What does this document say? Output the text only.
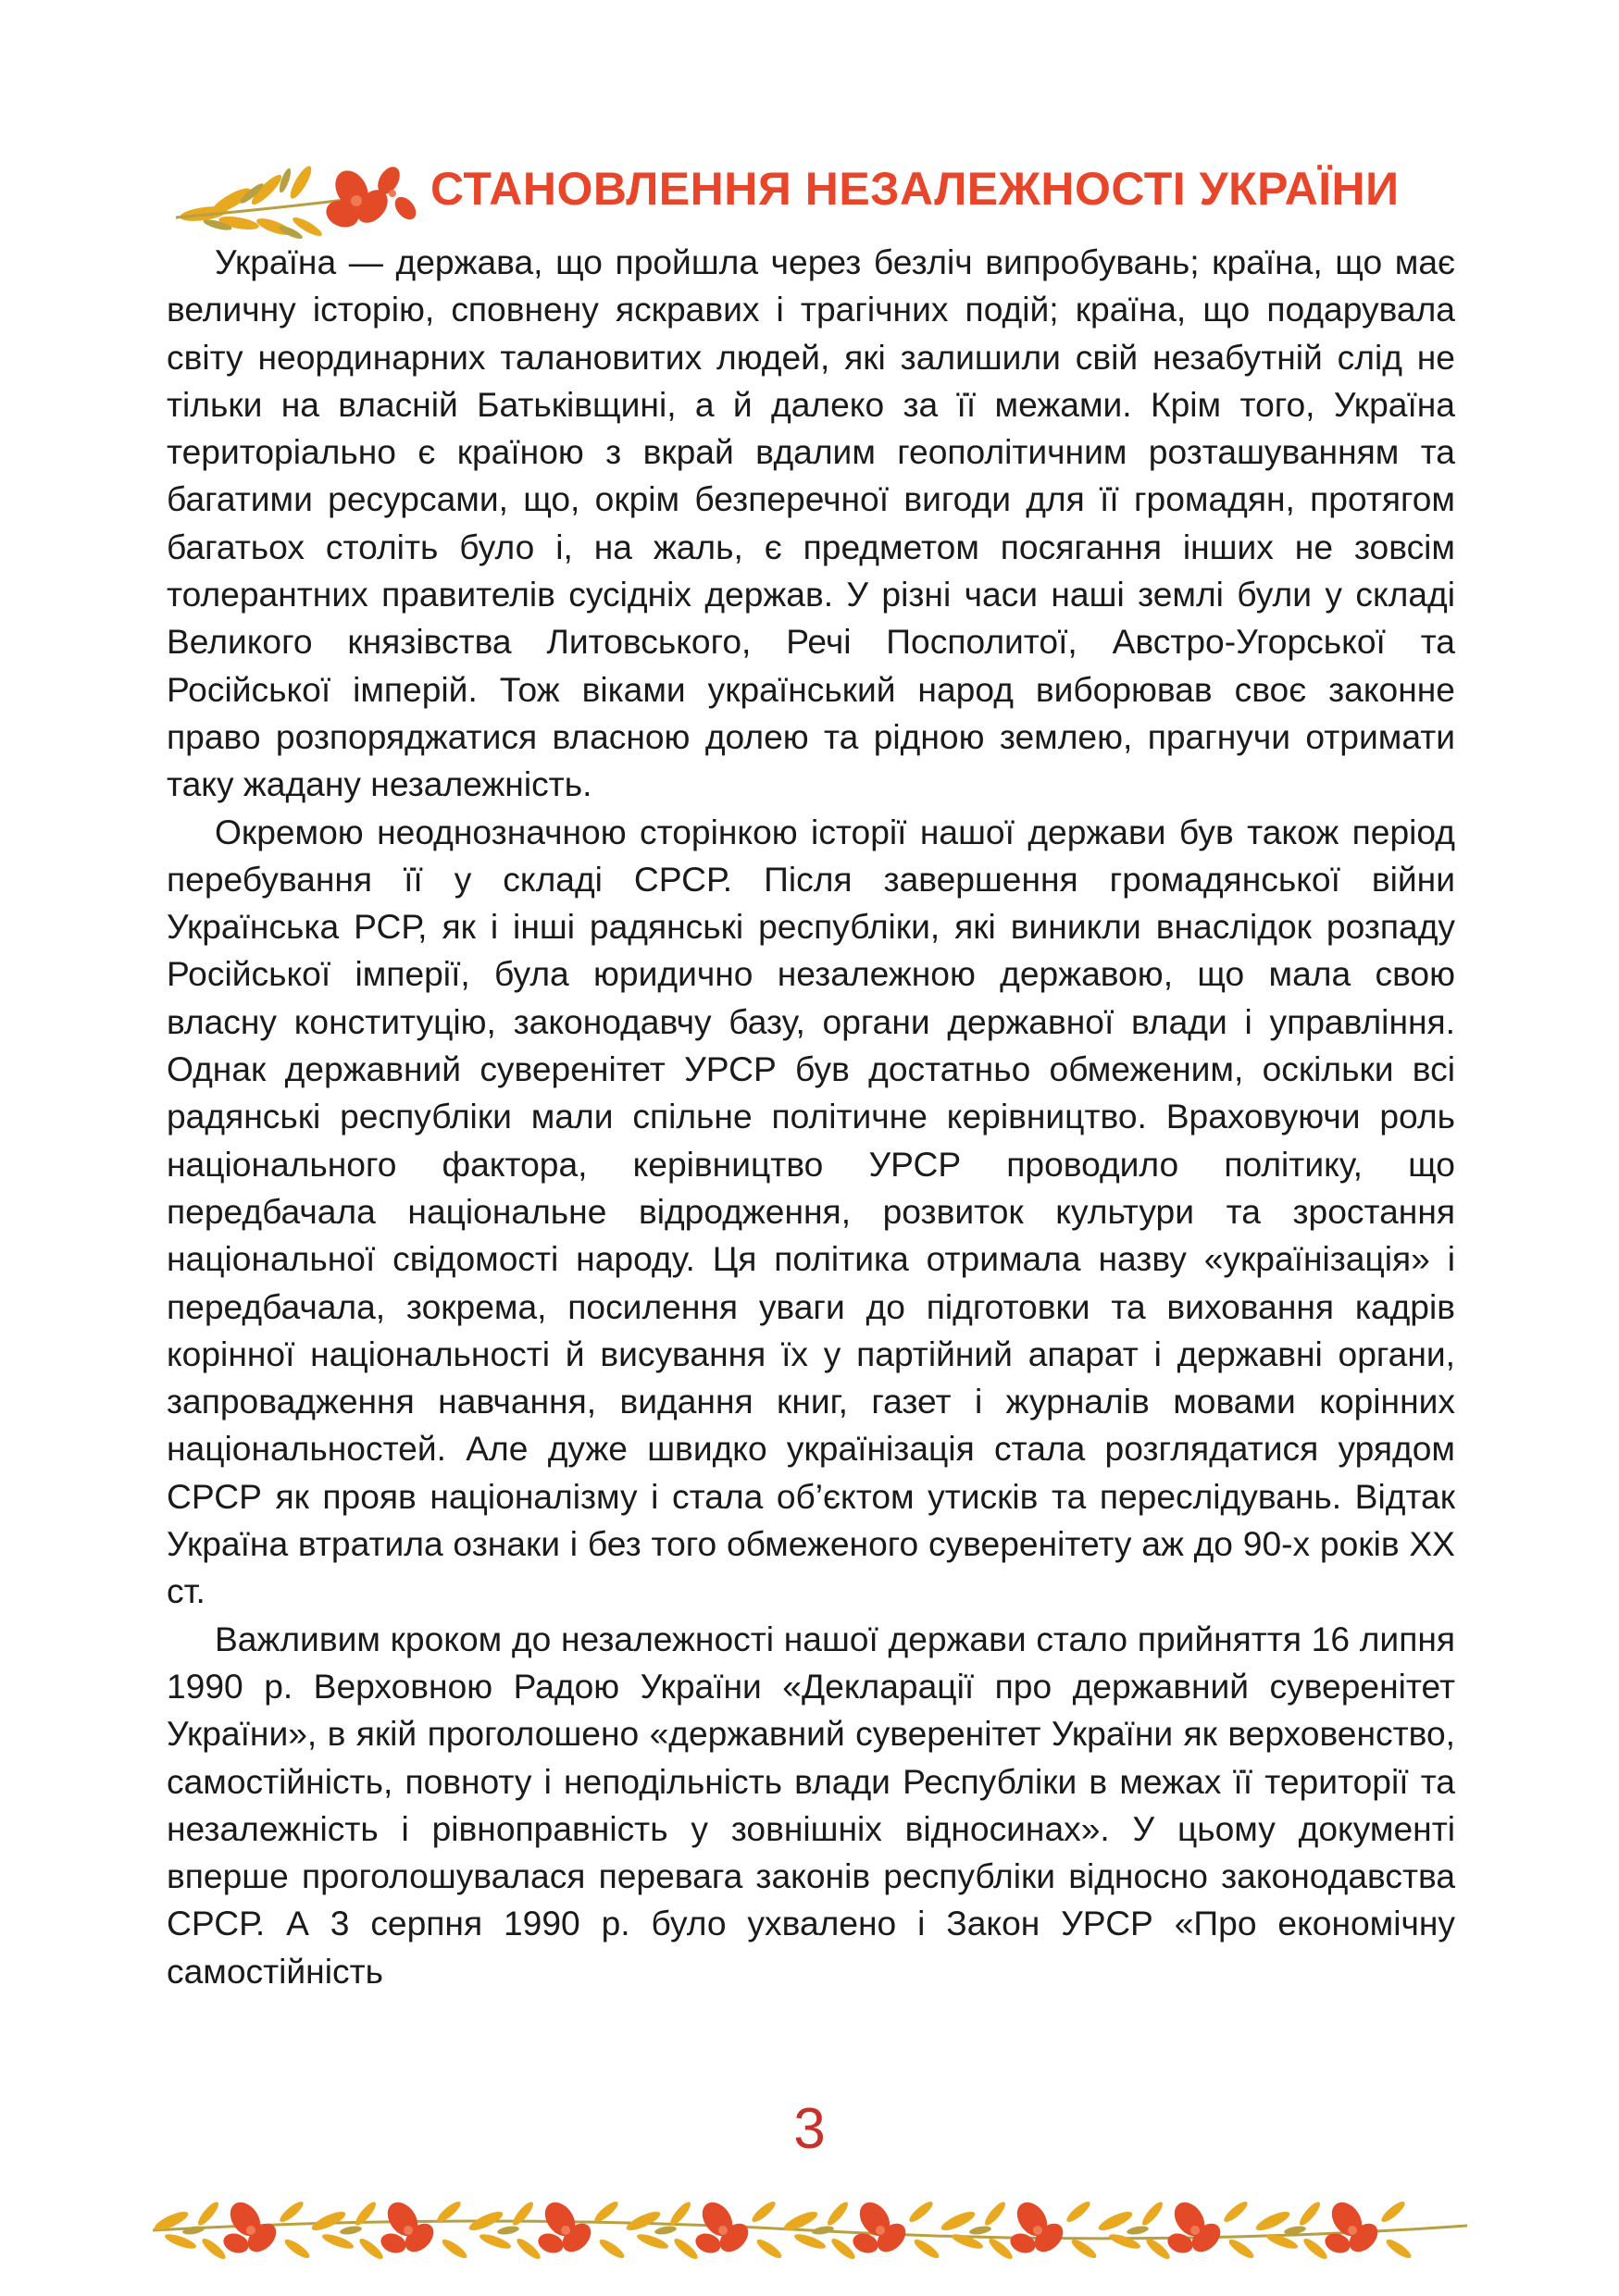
СТАНОВЛЕННЯ НЕЗАЛЕЖНОСТІ УКРАЇНИ

Україна — держава, що пройшла через безліч випробувань; країна, що має величну історію, сповнену яскравих і трагічних подій; країна, що подарувала світу неординарних талановитих людей, які залишили свій незабутній слід не тільки на власній Батьківщині, а й далеко за її межами. Крім того, Україна територіально є країною з вкрай вдалим геополітичним розташуванням та багатими ресурсами, що, окрім безперечної вигоди для її громадян, протягом багатьох століть було і, на жаль, є предметом посягання інших не зовсім толерантних правителів сусідніх держав. У різні часи наші землі були у складі Великого князівства Литовського, Речі Посполитої, Австро-Угорської та Російської імперій. Тож віками український народ виборював своє законне право розпоряджатися власною долею та рідною землею, прагнучи отримати таку жадану незалежність.

Окремою неоднозначною сторінкою історії нашої держави був також період перебування її у складі СРСР. Після завершення громадянської війни Українська РСР, як і інші радянські республіки, які виникли внаслідок розпаду Російської імперії, була юридично незалежною державою, що мала свою власну конституцію, законодавчу базу, органи державної влади і управління. Однак державний суверенітет УРСР був достатньо обмеженим, оскільки всі радянські республіки мали спільне політичне керівництво. Враховуючи роль національного фактора, керівництво УРСР проводило політику, що передбачала національне відродження, розвиток культури та зростання національної свідомості народу. Ця політика отримала назву «українізація» і передбачала, зокрема, посилення уваги до підготовки та виховання кадрів корінної національності й висування їх у партійний апарат і державні органи, запровадження навчання, видання книг, газет і журналів мовами корінних національностей. Але дуже швидко українізація стала розглядатися урядом СРСР як прояв націоналізму і стала об’єктом утисків та переслідувань. Відтак Україна втратила ознаки і без того обмеженого суверенітету аж до 90-х років XX ст.

Важливим кроком до незалежності нашої держави стало прийняття 16 липня 1990 р. Верховною Радою України «Декларації про державний суверенітет України», в якій проголошено «державний суверенітет України як верховенство, самостійність, повноту і неподільність влади Республіки в межах її території та незалежність і рівноправність у зовнішніх відносинах». У цьому документі вперше проголошувалася перевага законів республіки відносно законодавства СРСР. А 3 серпня 1990 р. було ухвалено і Закон УРСР «Про економічну самостійність

3
